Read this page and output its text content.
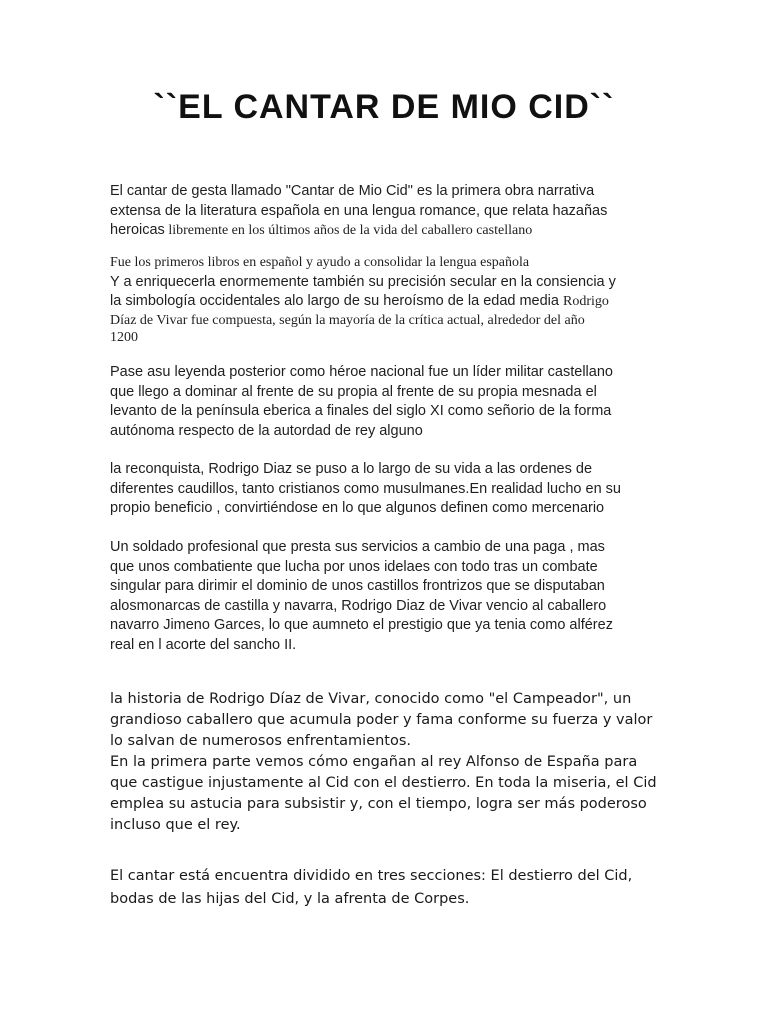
``EL CANTAR DE MIO CID``
El cantar de gesta llamado "Cantar de Mio Cid" es la primera obra narrativa
extensa de la literatura española en una lengua romance, que relata hazañas
heroicas libremente en los últimos años de la vida del caballero castellano
Fue los primeros libros en español y ayudo a consolidar la lengua española
Y a enriquecerla enormemente también su precisión secular en la consiencia y
la simbología occidentales alo largo de su heroísmo de la edad media Rodrigo
Díaz de Vivar fue compuesta, según la mayoría de la crítica actual, alrededor del año
1200
Pase asu leyenda posterior como héroe nacional fue un líder militar castellano
que llego a dominar al frente de su propia al frente de su propia mesnada el
levanto de la península eberica a finales del siglo XI como señorio de la forma
autónoma respecto de la autordad de rey alguno
la reconquista, Rodrigo Diaz se puso a lo largo de su vida a las ordenes de
diferentes caudillos, tanto cristianos como musulmanes.En realidad lucho en su
propio beneficio , convirtiéndose en lo que algunos definen como mercenario
Un soldado profesional que presta sus servicios a cambio de una paga , mas
que unos combatiente que lucha por unos idelaes con todo tras un combate
singular para dirimir el dominio de unos castillos frontrizos que se disputaban
alosmonarcas de castilla y navarra, Rodrigo Diaz de Vivar vencio al caballero
navarro Jimeno Garces, lo que aumneto el prestigio que ya tenia como alférez
real en l acorte del sancho II.
la historia de Rodrigo Díaz de Vivar, conocido como "el Campeador", un
grandioso caballero que acumula poder y fama conforme su fuerza y valor
lo salvan de numerosos enfrentamientos.
En la primera parte vemos cómo engañan al rey Alfonso de España para
que castigue injustamente al Cid con el destierro. En toda la miseria, el Cid
emplea su astucia para subsistir y, con el tiempo, logra ser más poderoso
incluso que el rey.
El cantar está encuentra dividido en tres secciones: El destierro del Cid,
bodas de las hijas del Cid, y la afrenta de Corpes.
